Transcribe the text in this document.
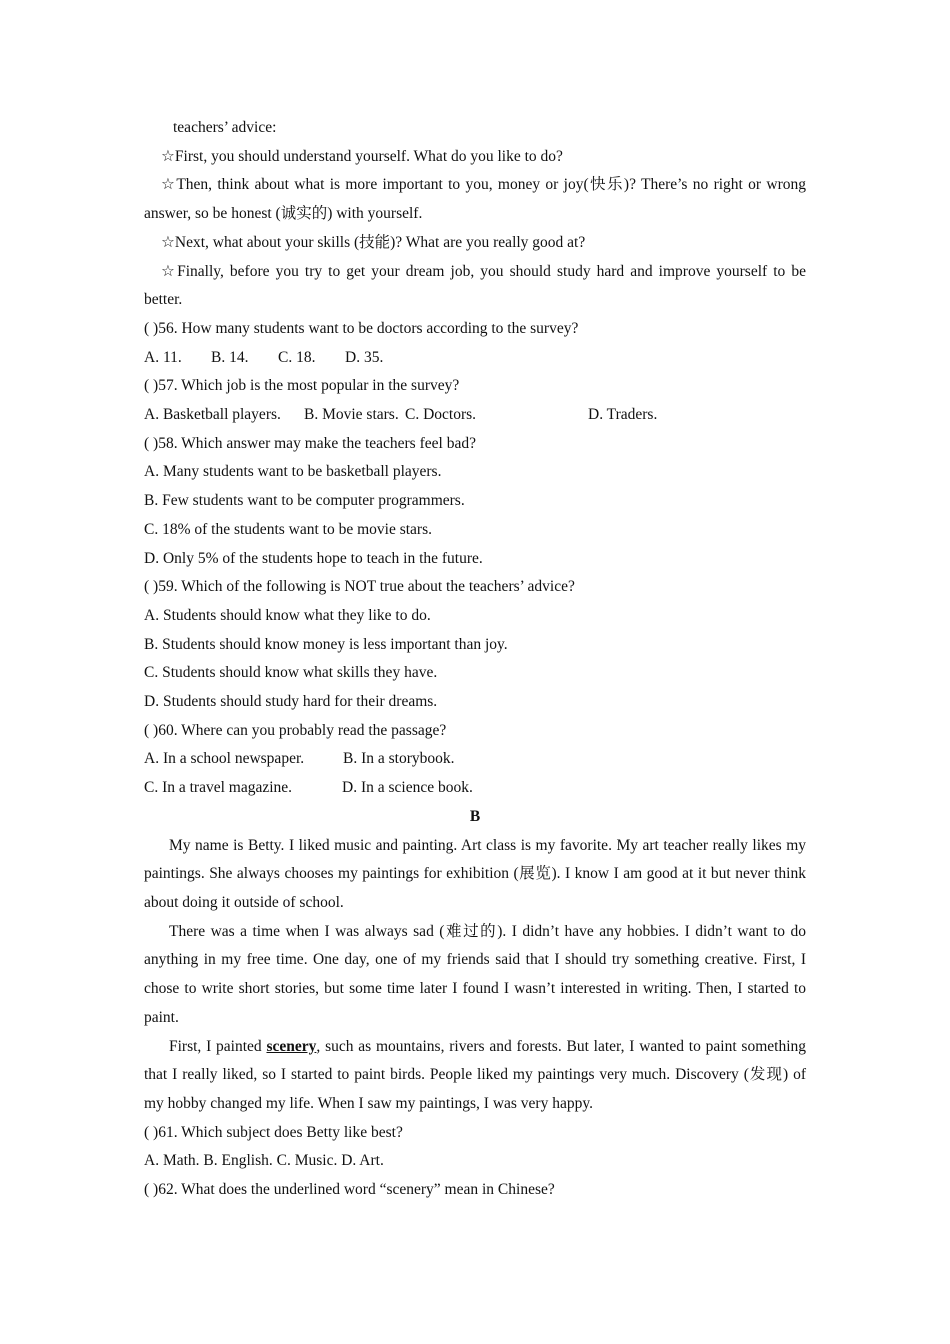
teachers’ advice:

☆First, you should understand yourself. What do you like to do?

☆Then, think about what is more important to you, money or joy(快乐)? There’s no right or wrong answer, so be honest (诚实的) with yourself.

☆Next, what about your skills (技能)? What are you really good at?

☆Finally, before you try to get your dream job, you should study hard and improve yourself to be better.

( )56. How many students want to be doctors according to the survey?

A. 11. B. 14. C. 18. D. 35.

( )57. Which job is the most popular in the survey?

A. Basketball players. B. Movie stars. C. Doctors.	D. Traders.

( )58. Which answer may make the teachers feel bad?

A. Many students want to be basketball players.

B. Few students want to be computer programmers.

C. 18% of the students want to be movie stars.

D. Only 5% of the students hope to teach in the future.

( )59. Which of the following is NOT true about the teachers’ advice?

A. Students should know what they like to do.

B. Students should know money is less important than joy.

C. Students should know what skills they have.

D. Students should study hard for their dreams.

( )60. Where can you probably read the passage?

A. In a school newspaper.	B. In a storybook.

C. In a travel magazine.	D. In a science book.

B

My name is Betty. I liked music and painting. Art class is my favorite. My art teacher really likes my paintings. She always chooses my paintings for exhibition (展览). I know I am good at it but never think about doing it outside of school.

There was a time when I was always sad (难过的). I didn’t have any hobbies. I didn’t want to do anything in my free time. One day, one of my friends said that I should try something creative. First, I chose to write short stories, but some time later I found I wasn’t interested in writing. Then, I started to paint.

First, I painted scenery, such as mountains, rivers and forests. But later, I wanted to paint something that I really liked, so I started to paint birds. People liked my paintings very much. Discovery (发现) of my hobby changed my life. When I saw my paintings, I was very happy.

( )61. Which subject does Betty like best?

A. Math. B. English. C. Music. D. Art.

( )62. What does the underlined word “scenery” mean in Chinese?
